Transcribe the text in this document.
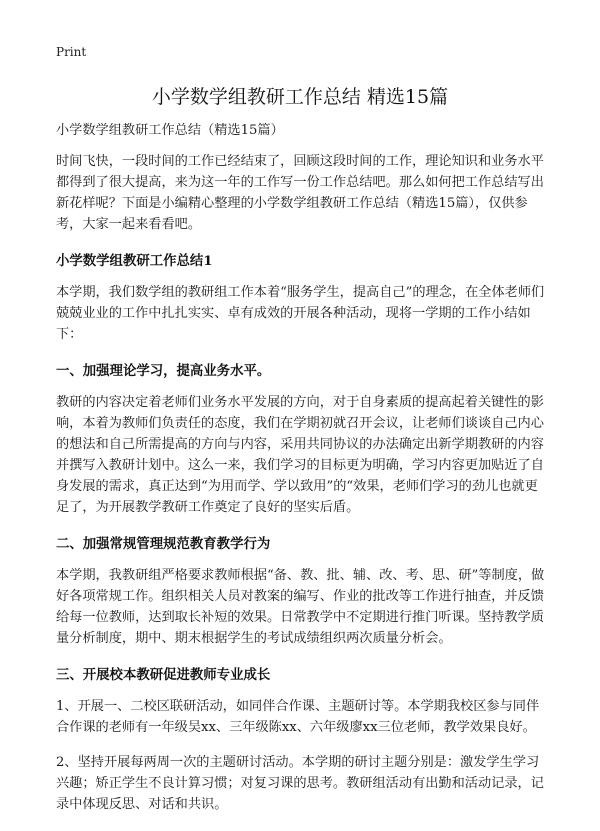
Print
小学数学组教研工作总结 精选15篇

小学数学组教研工作总结（精选15篇）

时间飞快，一段时间的工作已经结束了，回顾这段时间的工作，理论知识和业务水平都得到了很大提高，来为这一年的工作写一份工作总结吧。那么如何把工作总结写出新花样呢？下面是小编精心整理的小学数学组教研工作总结（精选15篇），仅供参考，大家一起来看看吧。

小学数学组教研工作总结1

本学期，我们数学组的教研组工作本着“服务学生，提高自己”的理念，在全体老师们兢兢业业的工作中扎扎实实、卓有成效的开展各种活动，现将一学期的工作小结如下：

一、加强理论学习，提高业务水平。

教研的内容决定着老师们业务水平发展的方向，对于自身素质的提高起着关键性的影响，本着为教师们负责任的态度，我们在学期初就召开会议，让老师们谈谈自己内心的想法和自己所需提高的方向与内容，采用共同协议的办法确定出新学期教研的内容并撰写入教研计划中。这么一来，我们学习的目标更为明确，学习内容更加贴近了自身发展的需求，真正达到“为用而学、学以致用”的“效果，老师们学习的劲儿也就更足了，为开展教学教研工作奠定了良好的坚实后盾。

二、加强常规管理规范教育教学行为

本学期，我教研组严格要求教师根据“备、教、批、辅、改、考、思、研”等制度，做好各项常规工作。组织相关人员对教案的编写、作业的批改等工作进行抽查，并反馈给每一位教师，达到取长补短的效果。日常教学中不定期进行推门听课。坚持教学质量分析制度，期中、期末根据学生的考试成绩组织两次质量分析会。

三、开展校本教研促进教师专业成长

1、开展一、二校区联研活动，如同伴合作课、主题研讨等。本学期我校区参与同伴合作课的老师有一年级吴xx、三年级陈xx、六年级廖xx三位老师，教学效果良好。

2、坚持开展每两周一次的主题研讨活动。本学期的研讨主题分别是：激发学生学习兴趣；矫正学生不良计算习惯；对复习课的思考。教研组活动有出勤和活动记录，记录中体现反思、对话和共识。
